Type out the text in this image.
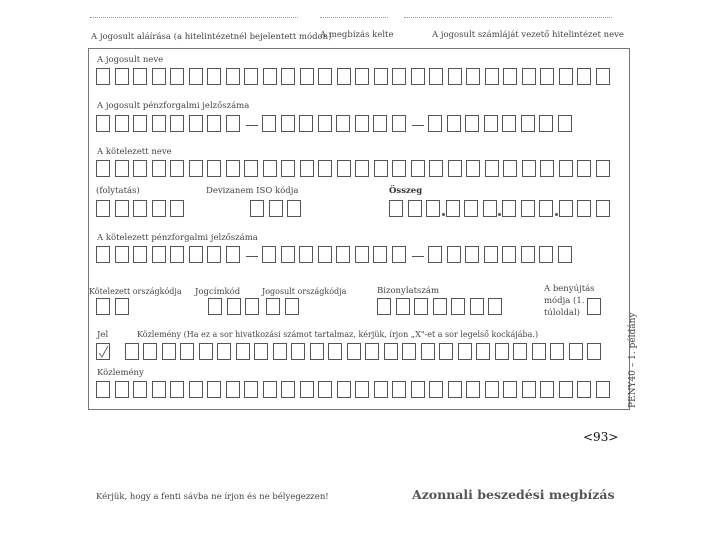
A jogosult aláírása (a hitelintézetnél bejelentett módon)
A megbízás kelte	A jogosult számláját vezető hitelintézet neve
A jogosult neve
A jogosult pénzforgalmi jelzőszáma
A kötelezett neve
(folytatás)	Devizanem ISO kódja	Összeg
A kötelezett pénzforgalmi jelzőszáma
Kötelezett országkódja Jogcímkód	Jogosult országkódja	Bizonylatszám	A benyújtás módja (1. túloldal)
Jel	Közlemény (Ha ez a sor hivatkozási számot tartalmaz, kérjük, írjon „X"-et a sor legelső kockájába.)
Közlemény	PENY40 – 1. példány
<93>
Kérjük, hogy a fenti sávba ne írjon és ne bélyegezzen!	Azonnali beszedési megbízás
